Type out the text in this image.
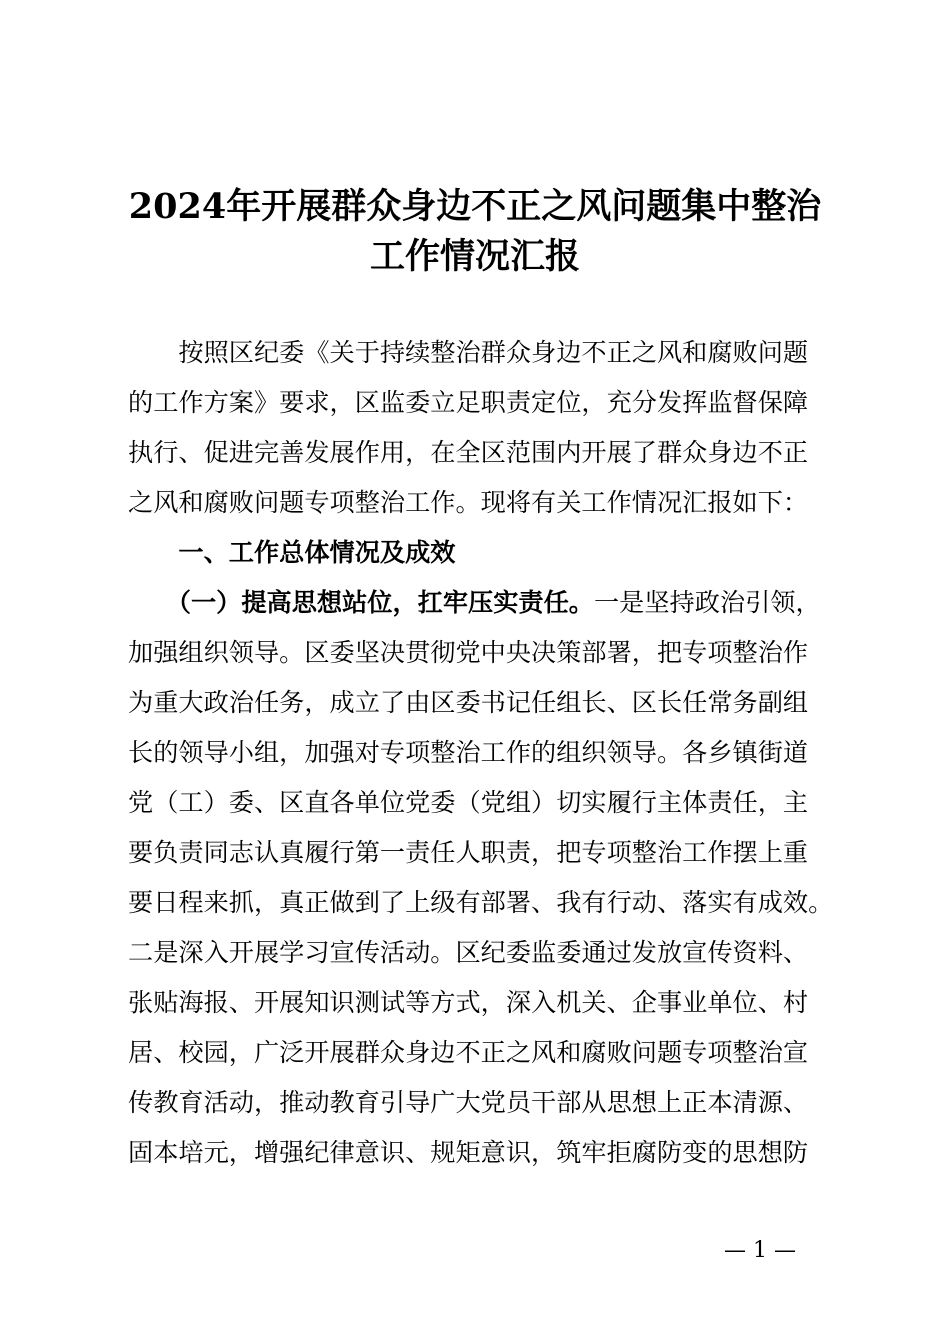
2024年开展群众身边不正之风问题集中整治
工作情况汇报

　　按照区纪委《关于持续整治群众身边不正之风和腐败问题

的工作方案》要求，区监委立足职责定位，充分发挥监督保障

执行、促进完善发展作用，在全区范围内开展了群众身边不正

之风和腐败问题专项整治工作。现将有关工作情况汇报如下：

　　一、工作总体情况及成效

　　（一）提高思想站位，扛牢压实责任。一是坚持政治引领，

加强组织领导。区委坚决贯彻党中央决策部署，把专项整治作

为重大政治任务，成立了由区委书记任组长、区长任常务副组

长的领导小组，加强对专项整治工作的组织领导。各乡镇街道

党（工）委、区直各单位党委（党组）切实履行主体责任，主

要负责同志认真履行第一责任人职责，把专项整治工作摆上重

要日程来抓，真正做到了上级有部署、我有行动、落实有成效。

二是深入开展学习宣传活动。区纪委监委通过发放宣传资料、

张贴海报、开展知识测试等方式，深入机关、企事业单位、村

居、校园，广泛开展群众身边不正之风和腐败问题专项整治宣

传教育活动，推动教育引导广大党员干部从思想上正本清源、

固本培元，增强纪律意识、规矩意识，筑牢拒腐防变的思想防

— 1 —
